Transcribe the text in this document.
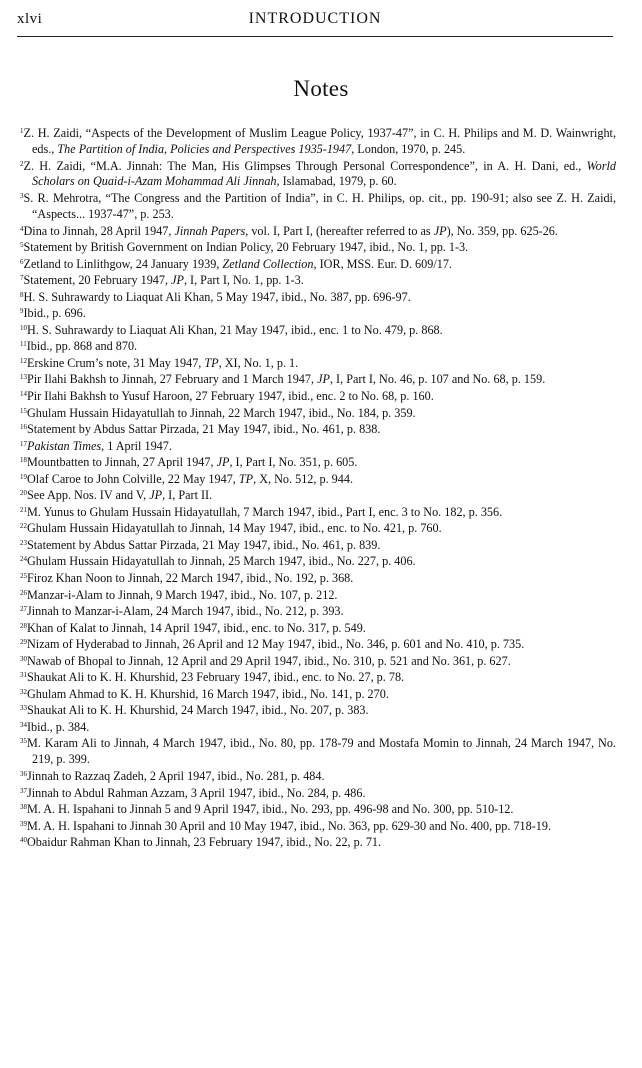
xlvi	INTRODUCTION
Notes

$^1$Z. H. Zaidi, “Aspects of the Development of Muslim League Policy, 1937-47”, in C. H. Philips and M. D. Wainwright, eds., The Partition of India, Policies and Perspectives 1935-1947, London, 1970, p. 245.

$^2$Z. H. Zaidi, “M.A. Jinnah: The Man, His Glimpses Through Personal Correspondence”, in A. H. Dani, ed., World Scholars on Quaid-i-Azam Mohammad Ali Jinnah, Islamabad, 1979, p. 60.

$^3$S. R. Mehrotra, “The Congress and the Partition of India”, in C. H. Philips, op. cit., pp. 190-91; also see Z. H. Zaidi, “Aspects... 1937-47”, p. 253.

$^4$Dina to Jinnah, 28 April 1947, Jinnah Papers, vol. I, Part I, (hereafter referred to as JP), No. 359, pp. 625-26.

$^5$Statement by British Government on Indian Policy, 20 February 1947, ibid., No. 1, pp. 1-3.

$^6$Zetland to Linlithgow, 24 January 1939, Zetland Collection, IOR, MSS. Eur. D. 609/17.

$^7$Statement, 20 February 1947, JP, I, Part I, No. 1, pp. 1-3.

$^8$H. S. Suhrawardy to Liaquat Ali Khan, 5 May 1947, ibid., No. 387, pp. 696-97.

$^9$Ibid., p. 696.

$^{10}$H. S. Suhrawardy to Liaquat Ali Khan, 21 May 1947, ibid., enc. 1 to No. 479, p. 868.

$^{11}$Ibid., pp. 868 and 870.

$^{12}$Erskine Crum’s note, 31 May 1947, TP, XI, No. 1, p. 1.

$^{13}$Pir Ilahi Bakhsh to Jinnah, 27 February and 1 March 1947, JP, I, Part I, No. 46, p. 107 and No. 68, p. 159.

$^{14}$Pir Ilahi Bakhsh to Yusuf Haroon, 27 February 1947, ibid., enc. 2 to No. 68, p. 160.

$^{15}$Ghulam Hussain Hidayatullah to Jinnah, 22 March 1947, ibid., No. 184, p. 359.

$^{16}$Statement by Abdus Sattar Pirzada, 21 May 1947, ibid., No. 461, p. 838.

$^{17}$Pakistan Times, 1 April 1947.

$^{18}$Mountbatten to Jinnah, 27 April 1947, JP, I, Part I, No. 351, p. 605.

$^{19}$Olaf Caroe to John Colville, 22 May 1947, TP, X, No. 512, p. 944.

$^{20}$See App. Nos. IV and V, JP, I, Part II.

$^{21}$M. Yunus to Ghulam Hussain Hidayatullah, 7 March 1947, ibid., Part I, enc. 3 to No. 182, p. 356.

$^{22}$Ghulam Hussain Hidayatullah to Jinnah, 14 May 1947, ibid., enc. to No. 421, p. 760.

$^{23}$Statement by Abdus Sattar Pirzada, 21 May 1947, ibid., No. 461, p. 839.

$^{24}$Ghulam Hussain Hidayatullah to Jinnah, 25 March 1947, ibid., No. 227, p. 406.

$^{25}$Firoz Khan Noon to Jinnah, 22 March 1947, ibid., No. 192, p. 368.

$^{26}$Manzar-i-Alam to Jinnah, 9 March 1947, ibid., No. 107, p. 212.

$^{27}$Jinnah to Manzar-i-Alam, 24 March 1947, ibid., No. 212, p. 393.

$^{28}$Khan of Kalat to Jinnah, 14 April 1947, ibid., enc. to No. 317, p. 549.

$^{29}$Nizam of Hyderabad to Jinnah, 26 April and 12 May 1947, ibid., No. 346, p. 601 and No. 410, p. 735.

$^{30}$Nawab of Bhopal to Jinnah, 12 April and 29 April 1947, ibid., No. 310, p. 521 and No. 361, p. 627.

$^{31}$Shaukat Ali to K. H. Khurshid, 23 February 1947, ibid., enc. to No. 27, p. 78.

$^{32}$Ghulam Ahmad to K. H. Khurshid, 16 March 1947, ibid., No. 141, p. 270.

$^{33}$Shaukat Ali to K. H. Khurshid, 24 March 1947, ibid., No. 207, p. 383.

$^{34}$Ibid., p. 384.

$^{35}$M. Karam Ali to Jinnah, 4 March 1947, ibid., No. 80, pp. 178-79 and Mostafa Momin to Jinnah, 24 March 1947, No. 219, p. 399.

$^{36}$Jinnah to Razzaq Zadeh, 2 April 1947, ibid., No. 281, p. 484.

$^{37}$Jinnah to Abdul Rahman Azzam, 3 April 1947, ibid., No. 284, p. 486.

$^{38}$M. A. H. Ispahani to Jinnah 5 and 9 April 1947, ibid., No. 293, pp. 496-98 and No. 300, pp. 510-12.

$^{39}$M. A. H. Ispahani to Jinnah 30 April and 10 May 1947, ibid., No. 363, pp. 629-30 and No. 400, pp. 718-19.

$^{40}$Obaidur Rahman Khan to Jinnah, 23 February 1947, ibid., No. 22, p. 71.
